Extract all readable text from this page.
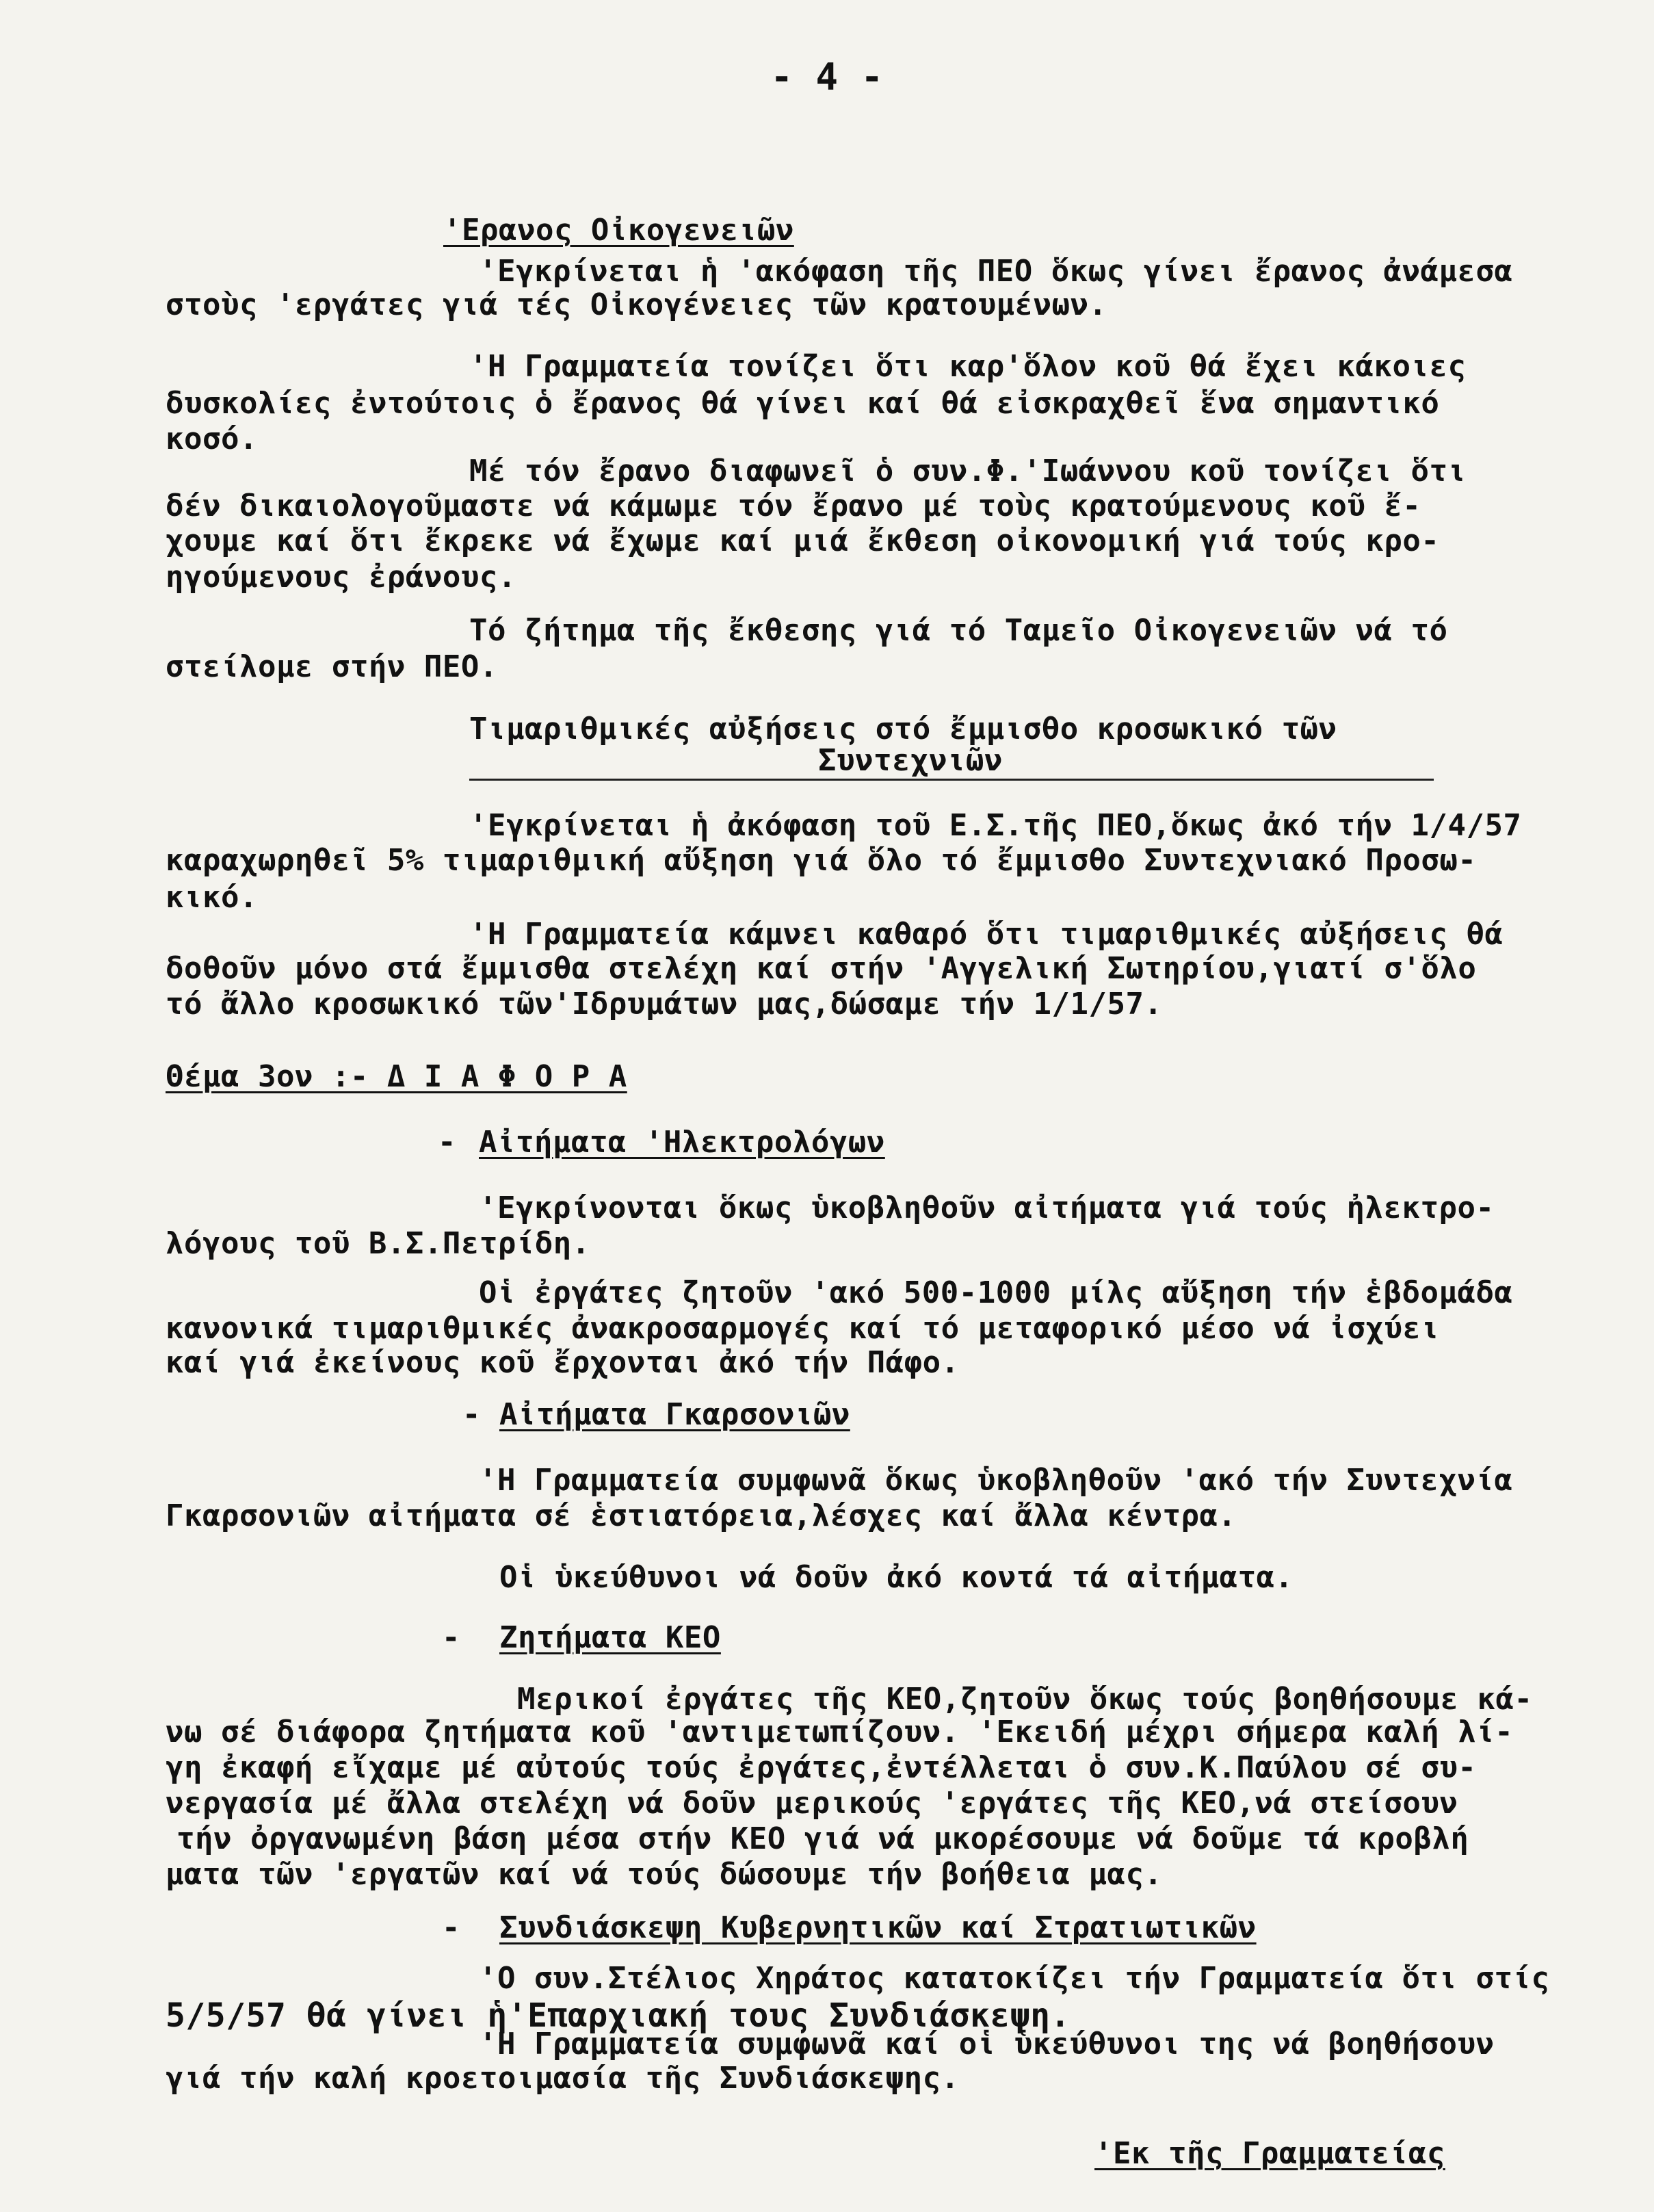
- 4 -
'Ερανος Οἰκογενειῶν
'Εγκρίνεται ἡ 'ακόφαση τῆς ΠΕΟ ὅκως γίνει ἔρανος ἀνάμεσα
στοὺς 'εργάτες γιά τές Οἰκογένειες τῶν κρατουμένων.
'Η Γραμματεία τονίζει ὅτι καρ'ὅλον κοῦ θά ἔχει κάκοιες
δυσκολίες ἐντούτοις ὁ ἔρανος θά γίνει καί θά εἰσκραχθεῖ ἕνα σημαντικό
κοσό.
Μέ τόν ἔρανο διαφωνεῖ ὁ συν.Φ.'Ιωάννου κοῦ τονίζει ὅτι
δέν δικαιολογοῦμαστε νά κάμωμε τόν ἔρανο μέ τοὺς κρατούμενους κοῦ ἔ-
χουμε καί ὅτι ἔκρεκε νά ἔχωμε καί μιά ἔκθεση οἰκονομική γιά τούς κρο-
ηγούμενους ἐράνους.
Τό ζήτημα τῆς ἔκθεσης γιά τό Ταμεῖο Οἰκογενειῶν νά τό
στείλομε στήν ΠΕΟ.
Τιμαριθμικές αὐξήσεις στό ἔμμισθο κροσωκικό τῶν
Συντεχνιῶν
'Εγκρίνεται ἡ ἀκόφαση τοῦ Ε.Σ.τῆς ΠΕΟ,ὅκως ἀκό τήν 1/4/57
καραχωρηθεῖ 5% τιμαριθμική αὔξηση γιά ὅλο τό ἔμμισθο Συντεχνιακό Προσω-
κικό.
'Η Γραμματεία κάμνει καθαρό ὅτι τιμαριθμικές αὐξήσεις θά
δοθοῦν μόνο στά ἔμμισθα στελέχη καί στήν 'Αγγελική Σωτηρίου,γιατί σ'ὅλο
τό ἄλλο κροσωκικό τῶν'Ιδρυμάτων μας,δώσαμε τήν 1/1/57.
Θέμα 3ον :- Δ Ι Α Φ Ο Ρ Α
- Αἰτήματα 'Ηλεκτρολόγων
'Εγκρίνονται ὅκως ὑκοβληθοῦν αἰτήματα γιά τούς ἠλεκτρο-
λόγους τοῦ Β.Σ.Πετρίδη.
Οἱ ἐργάτες ζητοῦν 'ακό 500-1000 μίλς αὔξηση τήν ἑβδομάδα
κανονικά τιμαριθμικές ἀνακροσαρμογές καί τό μεταφορικό μέσο νά ἰσχύει
καί γιά ἐκείνους κοῦ ἔρχονται ἀκό τήν Πάφο.
- Αἰτήματα Γκαρσονιῶν
'Η Γραμματεία συμφωνᾶ ὅκως ὑκοβληθοῦν 'ακό τήν Συντεχνία
Γκαρσονιῶν αἰτήματα σέ ἑστιατόρεια,λέσχες καί ἄλλα κέντρα.
Οἱ ὑκεύθυνοι νά δοῦν ἀκό κοντά τά αἰτήματα.
- Ζητήματα ΚΕΟ
Μερικοί ἐργάτες τῆς ΚΕΟ,ζητοῦν ὅκως τούς βοηθήσουμε κά-
νω σέ διάφορα ζητήματα κοῦ 'αντιμετωπίζουν. 'Εκειδή μέχρι σήμερα καλή λί-
γη ἐκαφή εἴχαμε μέ αὐτούς τούς ἐργάτες,ἐντέλλεται ὁ συν.Κ.Παύλου σέ συ-
νεργασία μέ ἄλλα στελέχη νά δοῦν μερικούς 'εργάτες τῆς ΚΕΟ,νά στείσουν
τήν ὀργανωμένη βάση μέσα στήν ΚΕΟ γιά νά μκορέσουμε νά δοῦμε τά κροβλή
ματα τῶν 'εργατῶν καί νά τούς δώσουμε τήν βοήθεια μας.
- Συνδιάσκεψη Κυβερνητικῶν καί Στρατιωτικῶν
'Ο συν.Στέλιος Χηράτος κατατοκίζει τήν Γραμματεία ὅτι στίς
5/5/57 θά γίνει ἡ'Επαρχιακή τους Συνδιάσκεψη.
'Η Γραμματεία συμφωνᾶ καί οἱ ὑκεύθυνοι της νά βοηθήσουν
γιά τήν καλή κροετοιμασία τῆς Συνδιάσκεψης.
'Εκ τῆς Γραμματείας
